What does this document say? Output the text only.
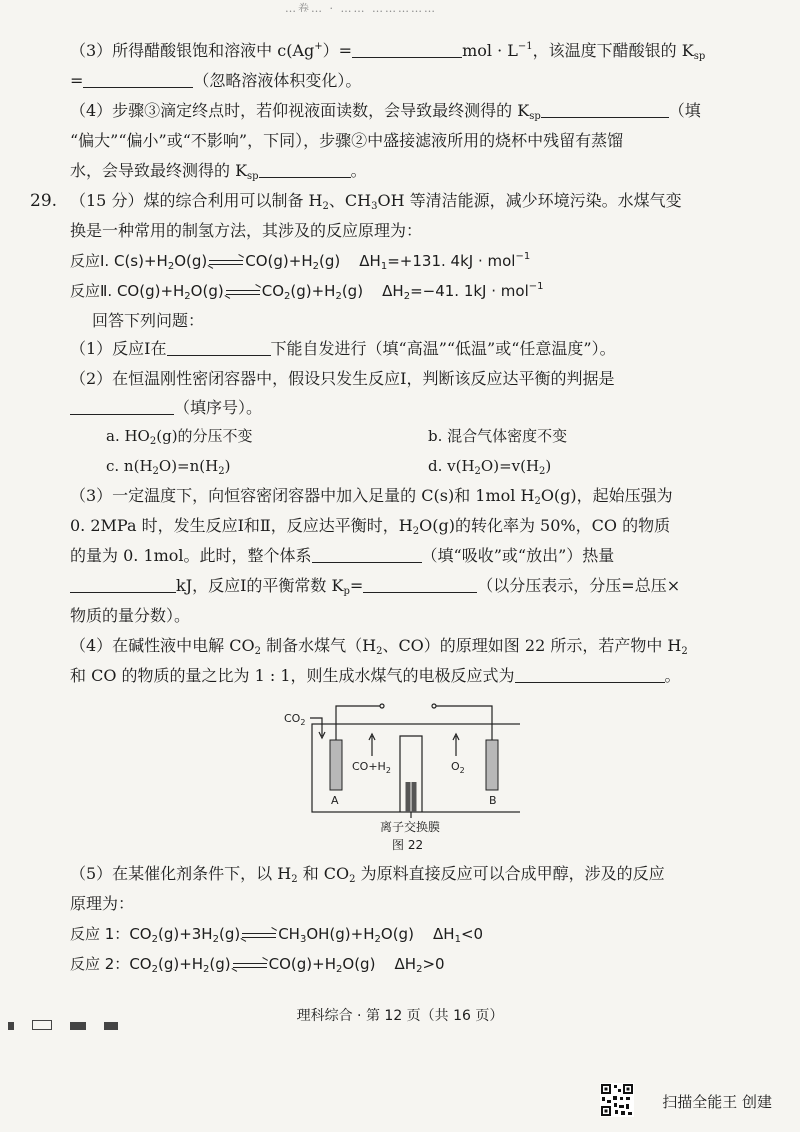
…卷… · …… ……………
（3）所得醋酸银饱和溶液中 c(Ag+）=	mol · $L^{-1}$，该温度下醋酸银的 $K_{sp}$
=	（忽略溶液体积变化）。
（4）步骤③滴定终点时，若仰视液面读数，会导致最终测得的 $K_{sp}$	（填
“偏大”“偏小”或“不影响”，下同），步骤②中盛接滤液所用的烧杯中残留有蒸馏
水，会导致最终测得的 $K_{sp}$	。
29. （15 分）煤的综合利用可以制备 $H_2$、$CH_3OH$ 等清洁能源，减少环境污染。水煤气变
换是一种常用的制氢方法，其涉及的反应原理为：
反应Ⅰ. $C(s)+H_2O(g)$	$CO(g)+H_2(g)$ $\Delta H_1=+131$. 4kJ · mol$^{-1}$
反应Ⅱ. $CO(g)+H_2O(g)$	$CO_2(g)+H_2(g)$ $\Delta H_2=-41$. 1kJ · mol$^{-1}$
回答下列问题：
（1）反应Ⅰ在	下能自发进行（填“高温”“低温”或“任意温度”）。
（2）在恒温刚性密闭容器中，假设只发生反应Ⅰ，判断该反应达平衡的判据是
（填序号）。
a. $HO_2(g)$的分压不变	b. 混合气体密度不变
c. $n(H_2O)=n(H_2)$	d. $v(H_2O)=v(H_2)$
（3）一定温度下，向恒容密闭容器中加入足量的 C(s)和 1mol $H_2O(g)$，起始压强为
0. 2MPa 时，发生反应Ⅰ和Ⅱ，反应达平衡时，$H_2O(g)$的转化率为 50%，CO 的物质
的量为 0. 1mol。此时，整个体系	（填“吸收”或“放出”）热量
kJ，反应Ⅰ的平衡常数 $K_p=$	（以分压表示，分压=总压×
物质的量分数）。
（4）在碱性液中电解 $CO_2$ 制备水煤气（$H_2$、CO）的原理如图 22 所示，若产物中 $H_2$
和 CO 的物质的量之比为 1 : 1，则生成水煤气的电极反应式为	。
$CO_2$
$CO+H_2$	$O_2$
A	B
离子交换膜
图 22
（5）在某催化剂条件下，以 $H_2$ 和 $CO_2$ 为原料直接反应可以合成甲醇，涉及的反应
原理为：
反应 1：$CO_2(g)+3H_2(g)$	$CH_3OH(g)+H_2O(g)$ $\Delta H_1<0$
反应 2：$CO_2(g)+H_2(g)$	$CO(g)+H_2O(g)$ $\Delta H_2>0$
理科综合 · 第 12 页（共 16 页）
扫描全能王 创建
